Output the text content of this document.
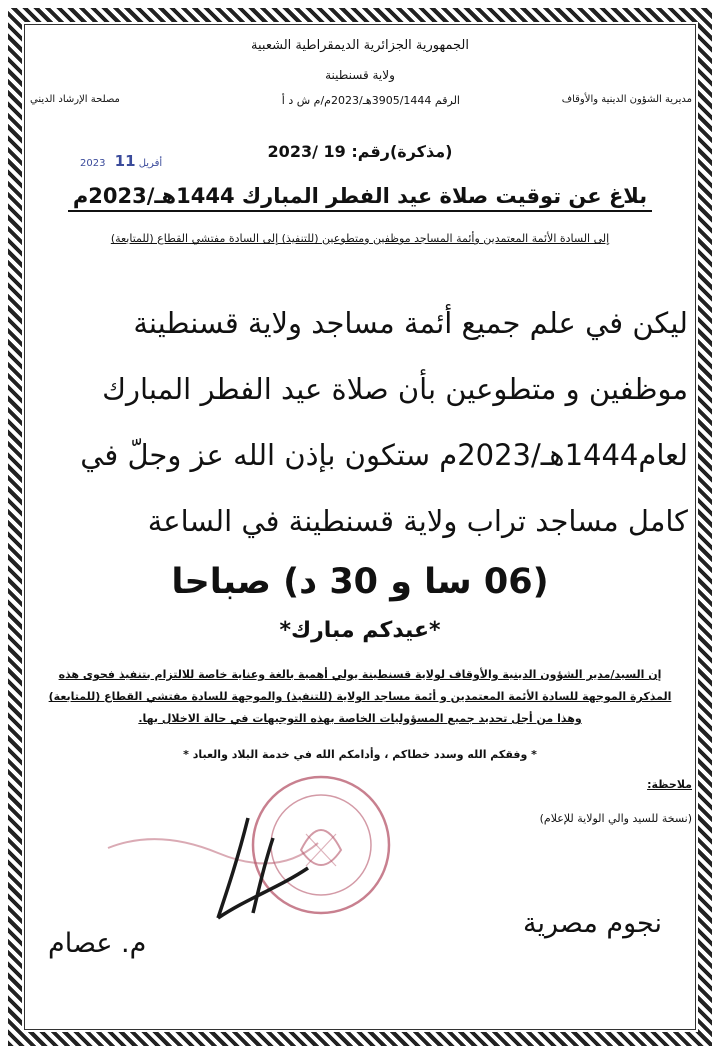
الجمهورية الجزائرية الديمقراطية الشعبية
ولاية قسنطينة
مديرية الشؤون الدينية والأوقاف
الرقم 3905/1444هـ/2023م/م ش د أ
مصلحة الإرشاد الديني
(مذكرة)رقم: 19 /2023
2023 أفريل 11
بلاغ عن توقيت صلاة عيد الفطر المبارك 1444هـ/2023م
إلى السادة الأئمة المعتمدين وأئمة المساجد موظفين ومتطوعين (للتنفيذ) إلى السادة مفتشي القطاع (للمتابعة)
ليكن في علم جميع أئمة مساجد ولاية قسنطينة
موظفين و متطوعين بأن صلاة عيد الفطر المبارك
لعام1444هـ/2023م ستكون بإذن الله عز وجلّ في
كامل مساجد تراب ولاية قسنطينة في الساعة
(06 سا و 30 د) صباحا
*عيدكم مبارك*
إن السيد/مدير الشؤون الدينية والأوقاف لولاية قسنطينة يولي أهمية بالغة وعناية خاصة للالتزام بتنفيذ فحوى هذه
المذكرة الموجهة للسادة الأئمة المعتمدين و أئمة مساجد الولاية (للتنفيذ) والموجهة للسادة مفتشي القطاع (للمتابعة)
وهذا من أجل تحديد جميع المسؤوليات الخاصة بهذه التوجيهات في حالة الاخلال بها.
* وفقكم الله وسدد خطاكم ، وأدامكم الله في خدمة البلاد والعباد *
ملاحظة:
(نسخة للسيد والي الولاية للإعلام)
م. عصام
نجوم مصرية
